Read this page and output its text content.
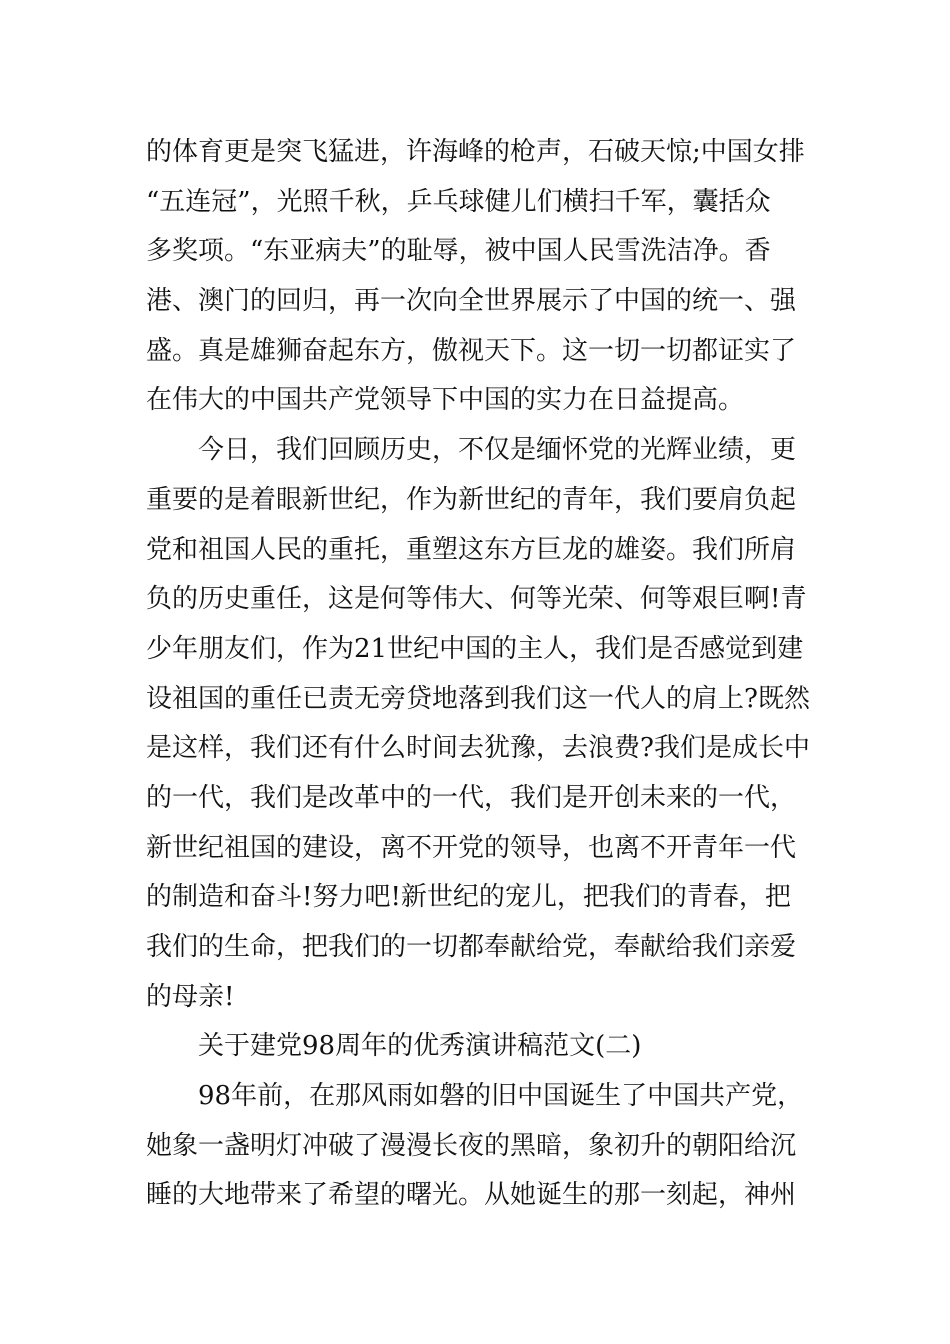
的体育更是突飞猛进，许海峰的枪声，石破天惊;中国女排
“五连冠”，光照千秋，乒乓球健儿们横扫千军，囊括众
多奖项。“东亚病夫”的耻辱，被中国人民雪洗洁净。香
港、澳门的回归，再一次向全世界展示了中国的统一、强
盛。真是雄狮奋起东方，傲视天下。这一切一切都证实了
在伟大的中国共产党领导下中国的实力在日益提高。
今日，我们回顾历史，不仅是缅怀党的光辉业绩，更
重要的是着眼新世纪，作为新世纪的青年，我们要肩负起
党和祖国人民的重托，重塑这东方巨龙的雄姿。我们所肩
负的历史重任，这是何等伟大、何等光荣、何等艰巨啊!青
少年朋友们，作为21世纪中国的主人，我们是否感觉到建
设祖国的重任已责无旁贷地落到我们这一代人的肩上?既然
是这样，我们还有什么时间去犹豫，去浪费?我们是成长中
的一代，我们是改革中的一代，我们是开创未来的一代，
新世纪祖国的建设，离不开党的领导，也离不开青年一代
的制造和奋斗!努力吧!新世纪的宠儿，把我们的青春，把
我们的生命，把我们的一切都奉献给党，奉献给我们亲爱
的母亲!
关于建党98周年的优秀演讲稿范文(二)
98年前，在那风雨如磐的旧中国诞生了中国共产党，
她象一盏明灯冲破了漫漫长夜的黑暗，象初升的朝阳给沉
睡的大地带来了希望的曙光。从她诞生的那一刻起，神州
